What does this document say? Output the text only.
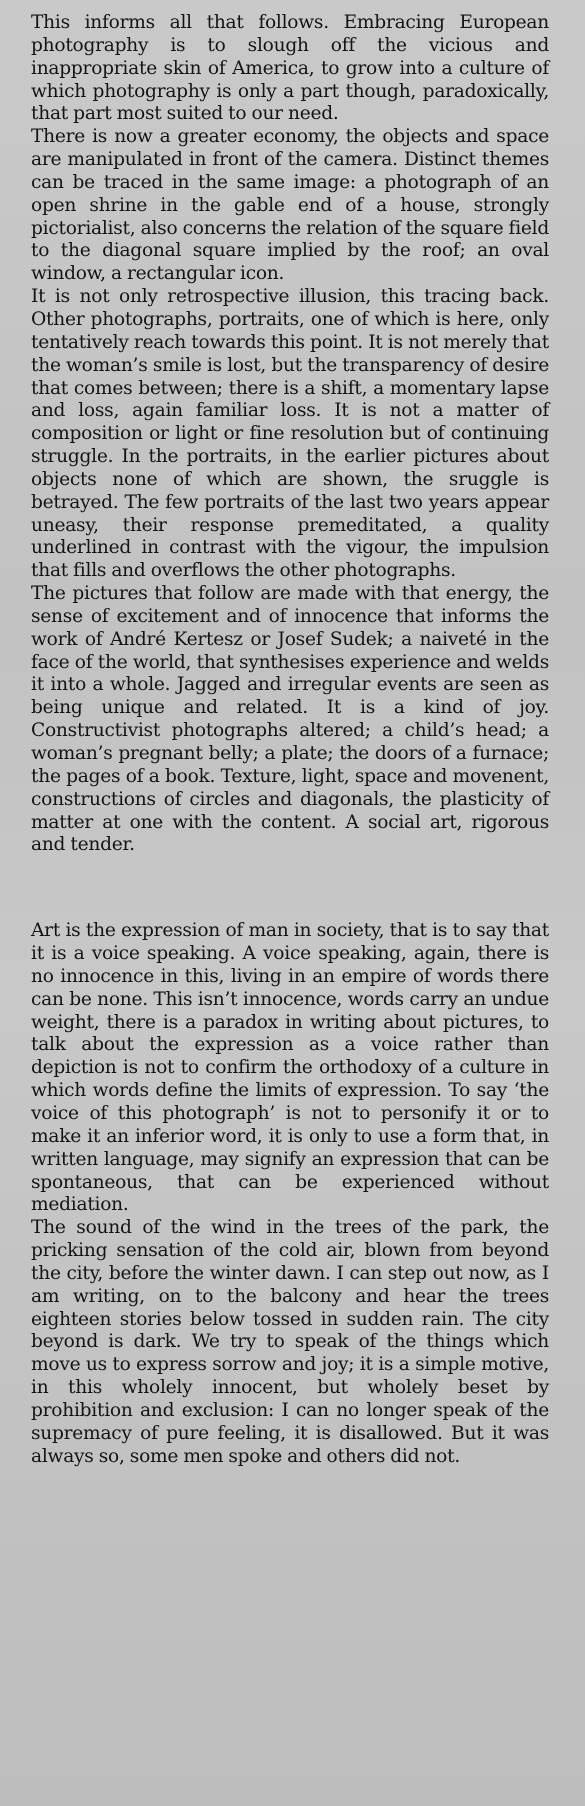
This informs all that follows. Embracing European photography is to slough off the vicious and inappropriate skin of America, to grow into a culture of which photography is only a part though, paradoxically, that part most suited to our need.

There is now a greater economy, the objects and space are manipulated in front of the camera. Distinct themes can be traced in the same image: a photograph of an open shrine in the gable end of a house, strongly pictorialist, also concerns the relation of the square field to the diagonal square implied by the roof; an oval window, a rectangular icon.

It is not only retrospective illusion, this tracing back. Other photographs, portraits, one of which is here, only tentatively reach towards this point. It is not merely that the woman’s smile is lost, but the transparency of desire that comes between; there is a shift, a momentary lapse and loss, again familiar loss. It is not a matter of composition or light or fine resolution but of continuing struggle. In the portraits, in the earlier pictures about objects none of which are shown, the sruggle is betrayed. The few portraits of the last two years appear uneasy, their response premeditated, a quality underlined in contrast with the vigour, the impulsion that fills and overflows the other photographs.

The pictures that follow are made with that energy, the sense of excitement and of innocence that informs the work of André Kertesz or Josef Sudek; a naiveté in the face of the world, that synthesises experience and welds it into a whole. Jagged and irregular events are seen as being unique and related. It is a kind of joy. Constructivist photographs altered; a child’s head; a woman’s pregnant belly; a plate; the doors of a furnace; the pages of a book. Texture, light, space and movenent, constructions of circles and diagonals, the plasticity of matter at one with the content. A social art, rigorous and tender.

Art is the expression of man in society, that is to say that it is a voice speaking. A voice speaking, again, there is no innocence in this, living in an empire of words there can be none. This isn’t innocence, words carry an undue weight, there is a paradox in writing about pictures, to talk about the expression as a voice rather than depiction is not to confirm the orthodoxy of a culture in which words define the limits of expression. To say ‘the voice of this photograph’ is not to personify it or to make it an inferior word, it is only to use a form that, in written language, may signify an expression that can be spontaneous, that can be experienced without mediation.

The sound of the wind in the trees of the park, the pricking sensation of the cold air, blown from beyond the city, before the winter dawn. I can step out now, as I am writing, on to the balcony and hear the trees eighteen stories below tossed in sudden rain. The city beyond is dark. We try to speak of the things which move us to express sorrow and joy; it is a simple motive, in this wholely innocent, but wholely beset by prohibition and exclusion: I can no longer speak of the supremacy of pure feeling, it is disallowed. But it was always so, some men spoke and others did not.
